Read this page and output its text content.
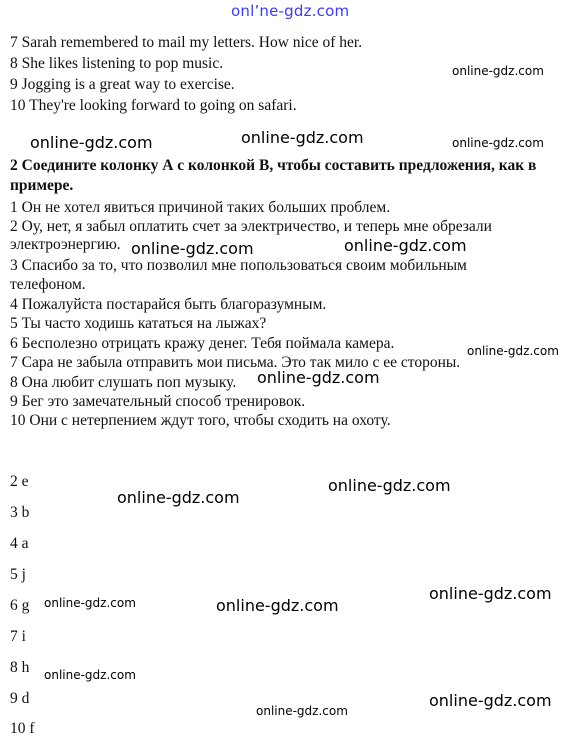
onl’ne-gdz.com
7 Sarah remembered to mail my letters. How nice of her.
8 She likes listening to pop music.
9 Jogging is a great way to exercise.
10 They're looking forward to going on safari.
2 Соедините колонку А с колонкой В, чтобы составить предложения, как в примере.
1 Он не хотел явиться причиной таких больших проблем.
2 Оу, нет, я забыл оплатить счет за электричество, и теперь мне обрезали
электроэнергию.
3 Спасибо за то, что позволил мне попользоваться своим мобильным
телефоном.
4 Пожалуйста постарайся быть благоразумным.
5 Ты часто ходишь кататься на лыжах?
6 Бесполезно отрицать кражу денег. Тебя поймала камера.
7 Сара не забыла отправить мои письма. Это так мило с ее стороны.
8 Она любит слушать поп музыку.
9 Бег это замечательный способ тренировок.
10 Они с нетерпением ждут того, чтобы сходить на охоту.
2 e
3 b
4 a
5 j
6 g
7 i
8 h
9 d
10 f
online-gdz.com
online-gdz.com	online-gdz.com	online-gdz.com
online-gdz.com	online-gdz.com
online-gdz.com
online-gdz.com
online-gdz.com
online-gdz.com
online-gdz.com
online-gdz.com	online-gdz.com
online-gdz.com
online-gdz.com
online-gdz.com
